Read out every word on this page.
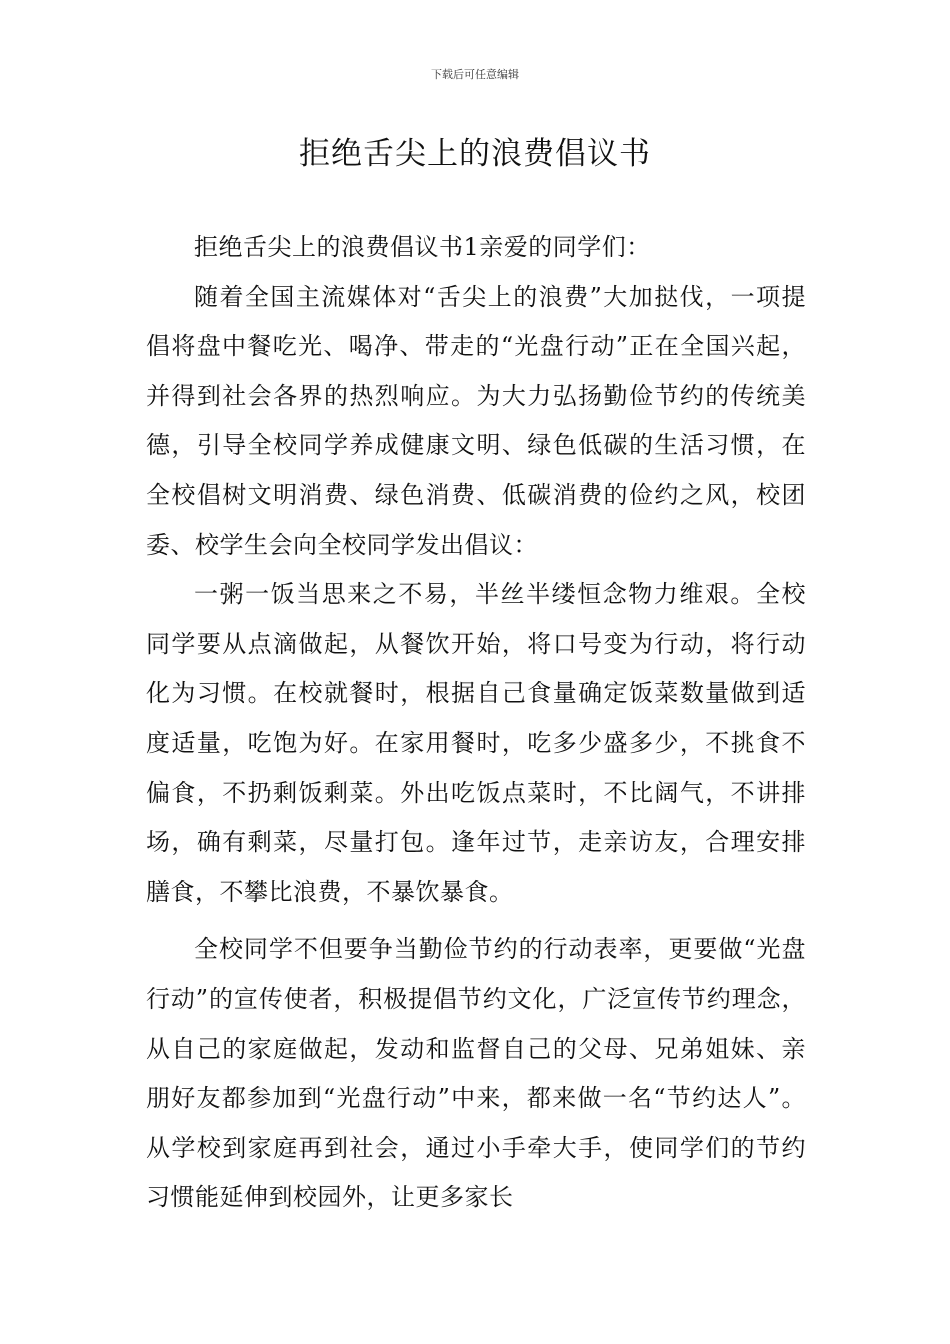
下载后可任意编辑
拒绝舌尖上的浪费倡议书

拒绝舌尖上的浪费倡议书1亲爱的同学们：

随着全国主流媒体对“舌尖上的浪费”大加挞伐，一项提倡将盘中餐吃光、喝净、带走的“光盘行动”正在全国兴起，并得到社会各界的热烈响应。为大力弘扬勤俭节约的传统美德，引导全校同学养成健康文明、绿色低碳的生活习惯，在全校倡树文明消费、绿色消费、低碳消费的俭约之风，校团委、校学生会向全校同学发出倡议：

一粥一饭当思来之不易，半丝半缕恒念物力维艰。全校同学要从点滴做起，从餐饮开始，将口号变为行动，将行动化为习惯。在校就餐时，根据自己食量确定饭菜数量做到适度适量，吃饱为好。在家用餐时，吃多少盛多少，不挑食不偏食，不扔剩饭剩菜。外出吃饭点菜时，不比阔气，不讲排场，确有剩菜，尽量打包。逢年过节，走亲访友，合理安排膳食，不攀比浪费，不暴饮暴食。

全校同学不但要争当勤俭节约的行动表率，更要做“光盘行动”的宣传使者，积极提倡节约文化，广泛宣传节约理念，从自己的家庭做起，发动和监督自己的父母、兄弟姐妹、亲朋好友都参加到“光盘行动”中来，都来做一名“节约达人”。从学校到家庭再到社会，通过小手牵大手，使同学们的节约习惯能延伸到校园外，让更多家长
